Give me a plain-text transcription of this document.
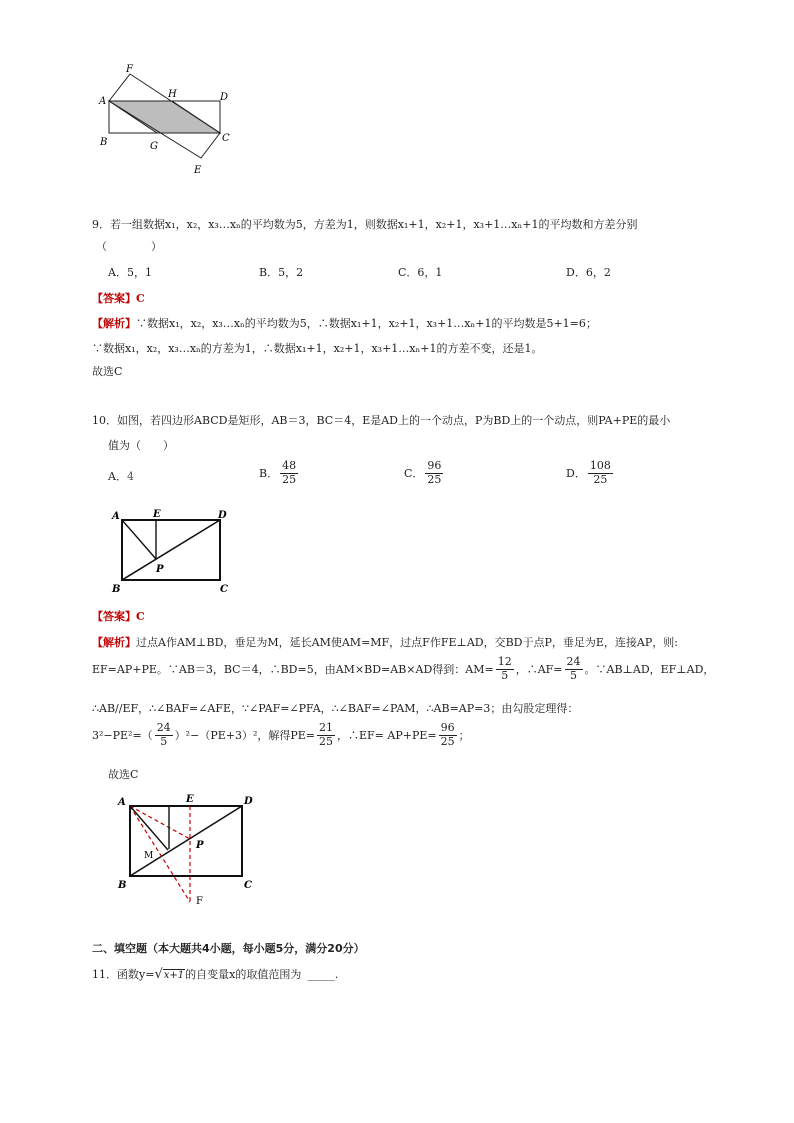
A
B	C
D
E
F
G
H
9．若一组数据x₁，x₂，x₃…xₙ的平均数为5，方差为1，则数据x₁+1，x₂+1，x₃+1…xₙ+1的平均数和方差分别
（　　　　）
A．5，1	B．5，2	C．6，1	D．6，2
【答案】C
【解析】∵数据x₁，x₂，x₃…xₙ的平均数为5，∴数据x₁+1，x₂+1，x₃+1…xₙ+1的平均数是5+1=6；
∵数据x₁，x₂，x₃…xₙ的方差为1，∴数据x₁+1，x₂+1，x₃+1…xₙ+1的方差不变，还是1。
故选C
10．如图，若四边形ABCD是矩形，AB＝3，BC＝4，E是AD上的一个动点，P为BD上的一个动点，则PA+PE的最小
值为（　　）
A．4	B． $\frac{48}{25}$	C． $\frac{96}{25}$	D． $\frac{108}{25}$
A
B	C
D
E
P
【答案】C
【解析】过点A作AM⊥BD，垂足为M，延长AM使AM=MF，过点F作FE⊥AD，交BD于点P，垂足为E，连接AP，则:
EF=AP+PE。∵AB＝3，BC＝4，∴BD=5，由AM×BD=AB×AD得到：$AM= \frac{12}{5}$ ，∴AF= $\frac{24}{5}$ 。∵AB⊥AD，EF⊥AD，
∴AB//EF，∴∠BAF=∠AFE，∵∠PAF=∠PFA，∴∠BAF=∠PAM，∴AB=AP=3；由勾股定理得：
$3^2-PE^2=( \frac{24}{5} )^2-(PE+3)^2$，解得$PE= \frac{21}{25}$ ，∴EF= $AP+PE= \frac{96}{25}$ ；
故选C
A
B	C
D
E
P
M
F
二、填空题（本大题共4小题，每小题5分，满分20分）
11．函数y=√x+1的自变量x的取值范围为 _____.
